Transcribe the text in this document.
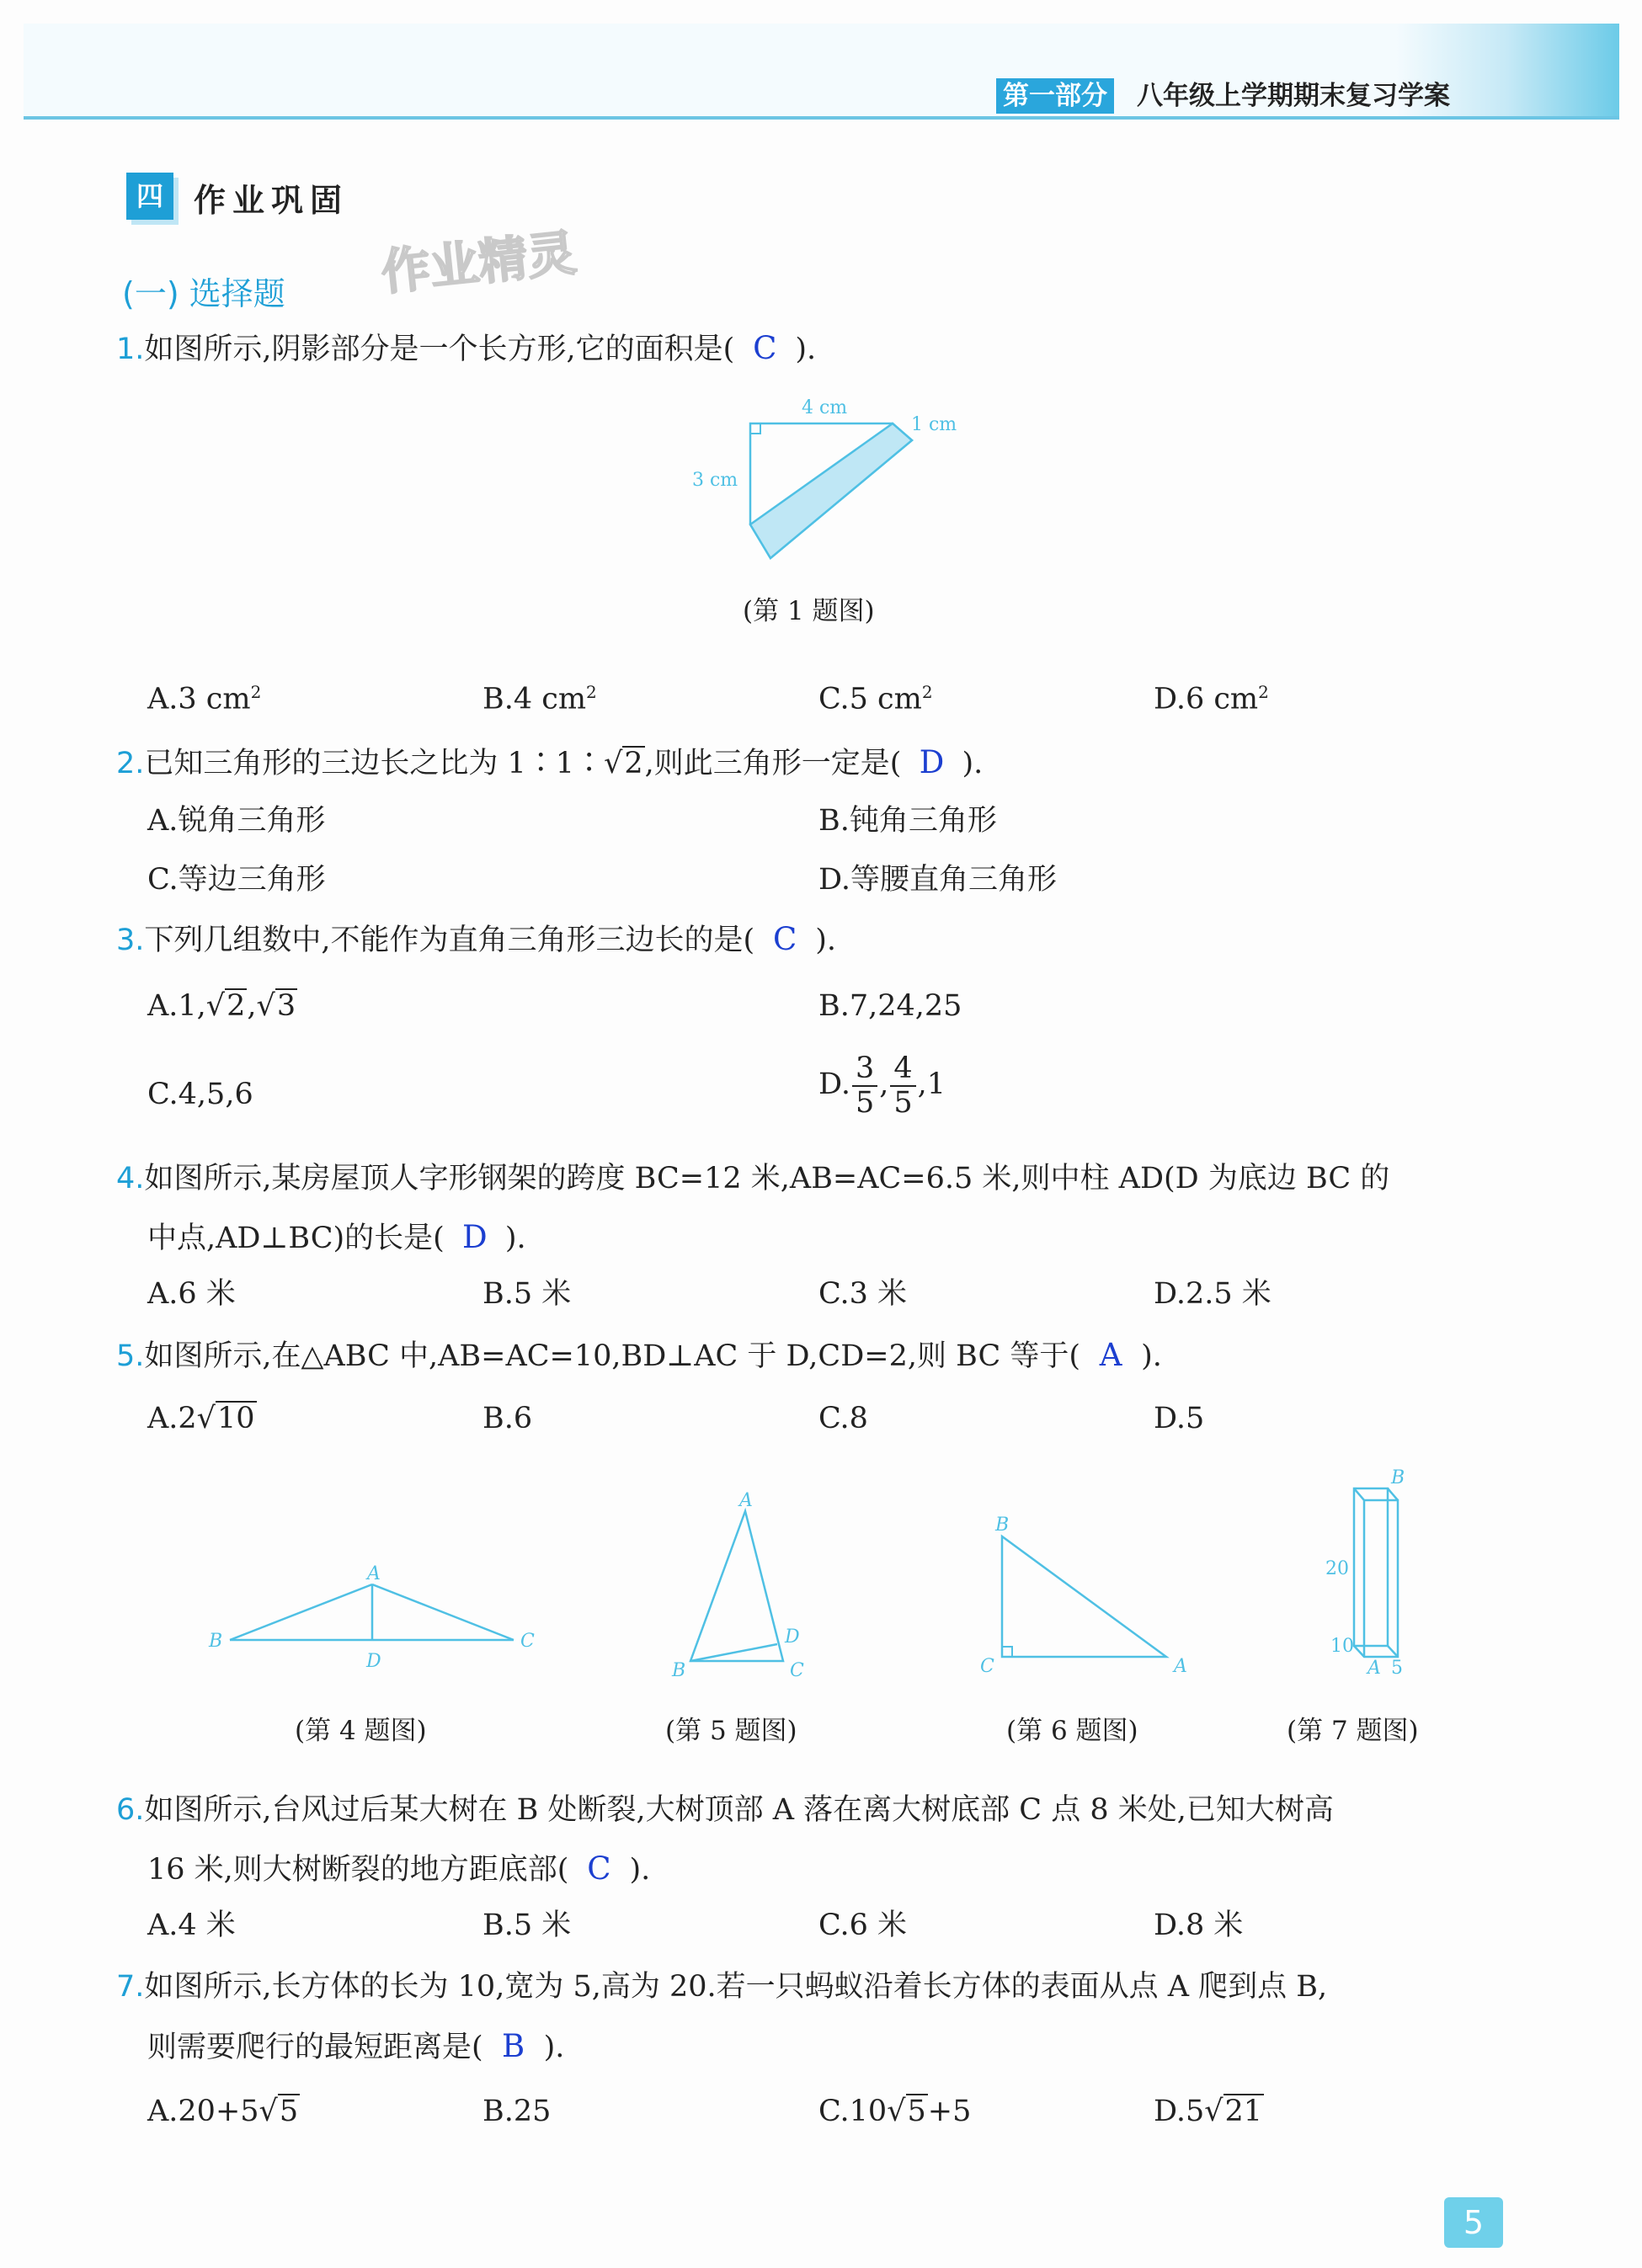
第一部分 八年级上学期期末复习学案
四 作业巩固
作业精灵
(一) 选择题
1.如图所示,阴影部分是一个长方形,它的面积是( C ).
4 cm
1 cm
3 cm
(第 1 题图)
A.3 $cm^2$	B.4 $cm^2$	C.5 $cm^2$	D.6 $cm^2$
2.已知三角形的三边长之比为 1∶1∶√2,则此三角形一定是( D ).
A.锐角三角形	B.钝角三角形
C.等边三角形	D.等腰直角三角形
3.下列几组数中,不能作为直角三角形三边长的是( C ).
A.1,√2,√3	B.7,24,25
C.4,5,6	D. $\frac{3}{5}$ , $\frac{4}{5} ,1$
4.如图所示,某房屋顶人字形钢架的跨度 BC=12 米,AB=AC=6.5 米,则中柱 AD(D 为底边 BC 的
中点,AD⊥BC)的长是( D ).
A.6 米	B.5 米	C.3 米	D.2.5 米
5.如图所示,在△ABC 中,AB=AC=10,BD⊥AC 于 D,CD=2,则 BC 等于( A ).
A.2√10	B.6	C.8	D.5
A
B	C
D
A
B	C
D
B
C	A
B
20
10
A 5
(第 4 题图)	(第 5 题图)	(第 6 题图)	(第 7 题图)
6.如图所示,台风过后某大树在 B 处断裂,大树顶部 A 落在离大树底部 C 点 8 米处,已知大树高
16 米,则大树断裂的地方距底部( C ).
A.4 米	B.5 米	C.6 米	D.8 米
7.如图所示,长方体的长为 10,宽为 5,高为 20.若一只蚂蚁沿着长方体的表面从点 A 爬到点 B,
则需要爬行的最短距离是( B ).
A.20+5√5	B.25	C.10√5+5	D.5√21
5
